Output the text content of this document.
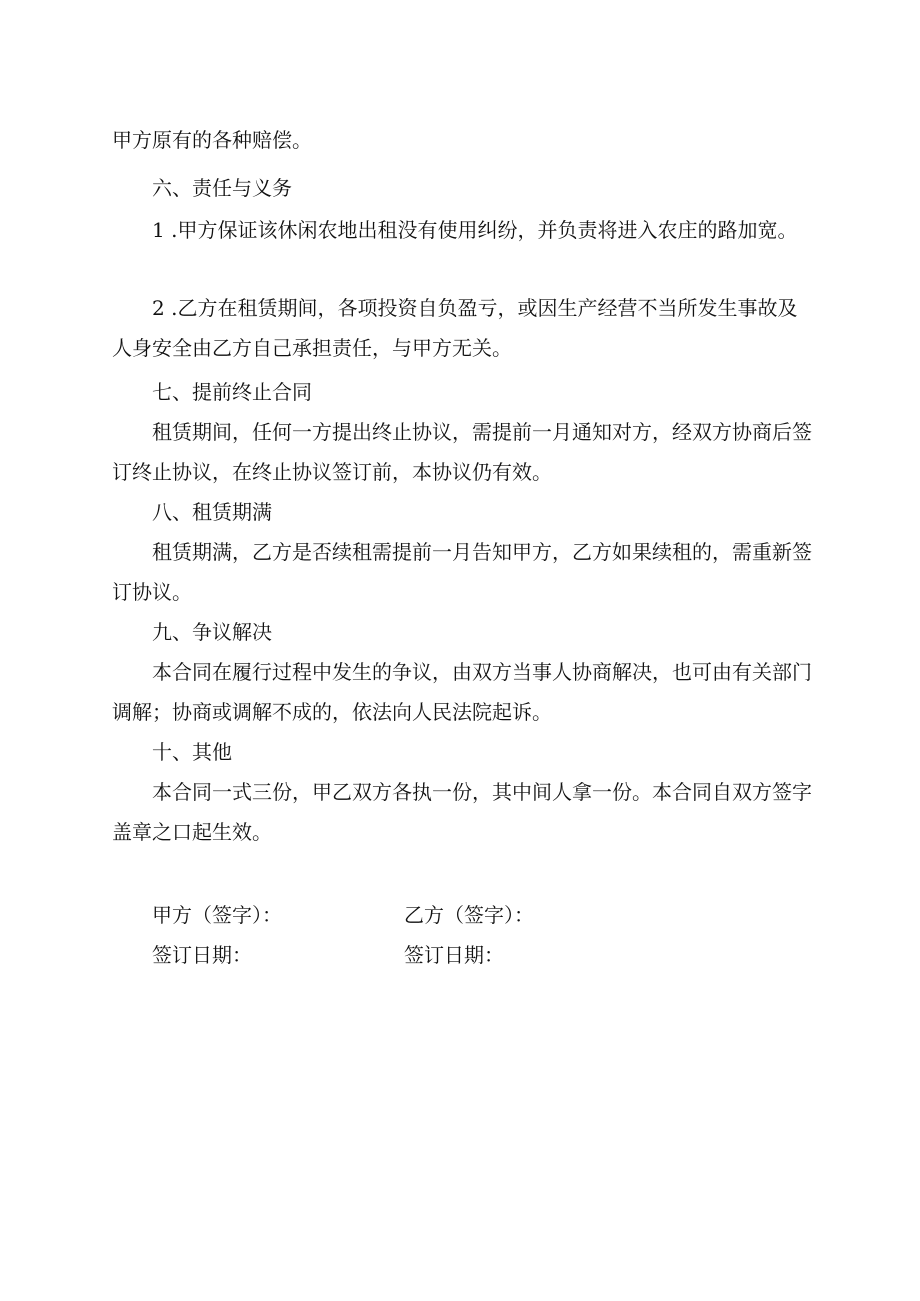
甲方原有的各种赔偿。

六、责任与义务

1 .甲方保证该休闲农地出租没有使用纠纷，并负责将进入农庄的路加宽。

2 .乙方在租赁期间，各项投资自负盈亏，或因生产经营不当所发生事故及人身安全由乙方自己承担责任，与甲方无关。

七、提前终止合同

租赁期间，任何一方提出终止协议，需提前一月通知对方，经双方协商后签订终止协议，在终止协议签订前，本协议仍有效。

八、租赁期满

租赁期满，乙方是否续租需提前一月告知甲方，乙方如果续租的，需重新签订协议。

九、争议解决

本合同在履行过程中发生的争议，由双方当事人协商解决，也可由有关部门调解；协商或调解不成的，依法向人民法院起诉。

十、其他

本合同一式三份，甲乙双方各执一份，其中间人拿一份。本合同自双方签字盖章之口起生效。

甲方（签字）：	乙方（签字）：

签订日期：	签订日期：
